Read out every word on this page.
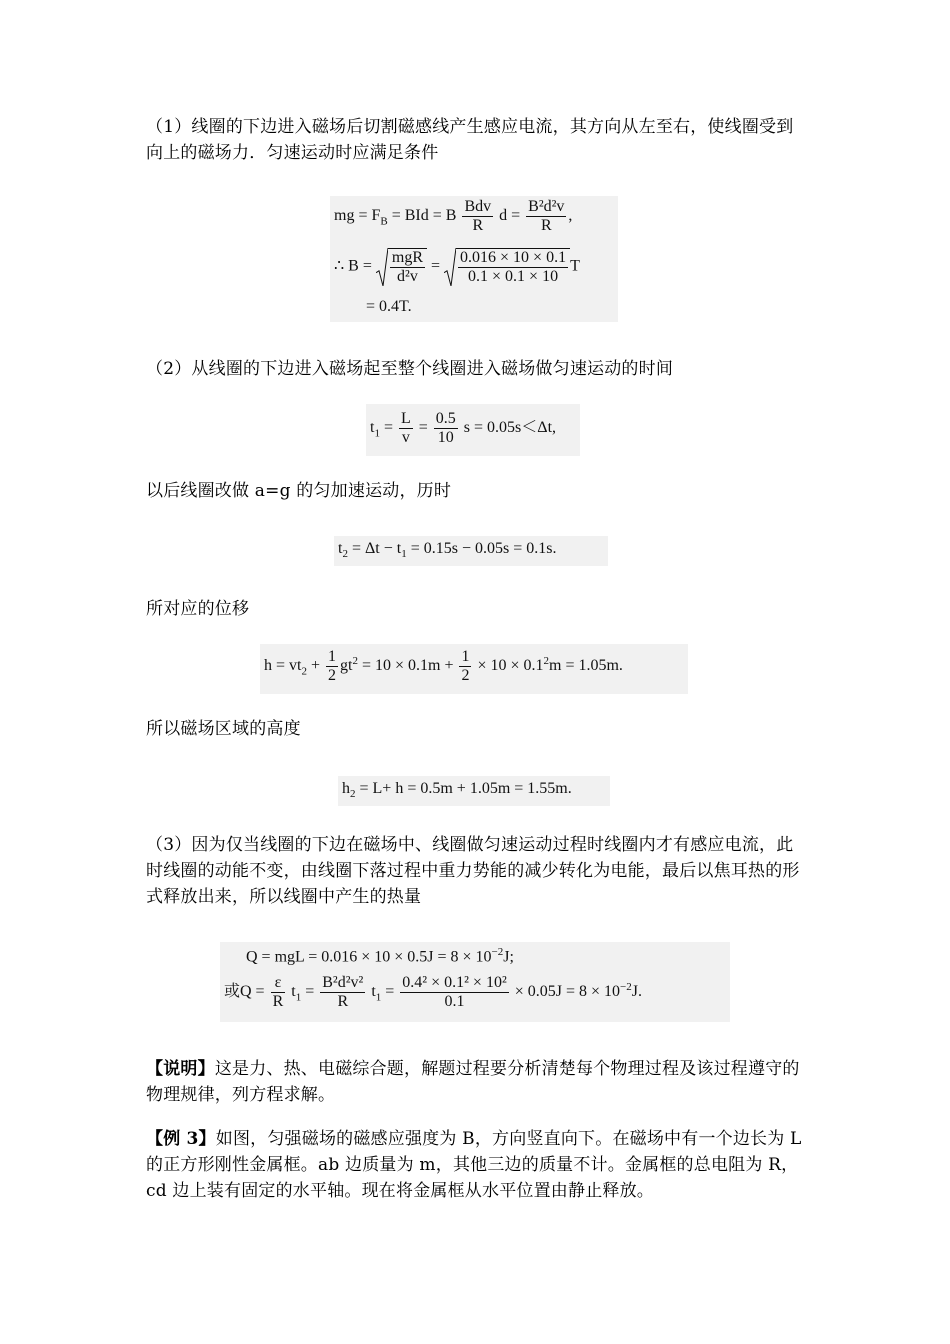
（1）线圈的下边进入磁场后切割磁感线产生感应电流，其方向从左至右，使线圈受到向上的磁场力．匀速运动时应满足条件
mg = $F_B$ = BId = B $\frac{\text{Bdv}}{R}$ $d = \frac{\text{B²d²v}}{R}$ ,
∴ $B = \frac{\text{mgR}}{\text{d²v}} = \frac{0.016 \times 10 \times 0.1}{0.1 \times 0.1 \times 10}$ T
= 0.4T.
（2）从线圈的下边进入磁场起至整个线圈进入磁场做匀速运动的时间
$t_1 = \frac{L}{v} = \frac{0.5}{10}$ s = 0.05s＜Δt,
以后线圈改做 a=g 的匀加速运动，历时
$t_2 = \Delta t - t_1 = 0.15s - 0.05s = 0.1s$.
所对应的位移
$h = vt_2 + \frac{1}{2} gt^2 = 10 \times 0.1m + \frac{1}{2} \times 10 \times 0.1^2m = 1.05m$.
所以磁场区域的高度
$h_2 = L+ h = 0.5m + 1.05m = 1.55m$.
（3）因为仅当线圈的下边在磁场中、线圈做匀速运动过程时线圈内才有感应电流，此时线圈的动能不变，由线圈下落过程中重力势能的减少转化为电能，最后以焦耳热的形式释放出来，所以线圈中产生的热量
Q = mgL = $0.016 \times 10 \times 0.5J = 8 \times 10^{-2}J$;
或$Q = \frac{\varepsilon}{R} t_1 = \frac{\text{B²d²v²}}{R} t_1 = \frac{\text{0.4² × 0.1² × 10²}}{0.1} \times 0.05J = 8 \times 10^{-2}J$.
【说明】这是力、热、电磁综合题，解题过程要分析清楚每个物理过程及该过程遵守的物理规律，列方程求解。
【例 3】如图，匀强磁场的磁感应强度为 B，方向竖直向下。在磁场中有一个边长为 L 的正方形刚性金属框。ab 边质量为 m，其他三边的质量不计。金属框的总电阻为 R，cd 边上装有固定的水平轴。现在将金属框从水平位置由静止释放。
